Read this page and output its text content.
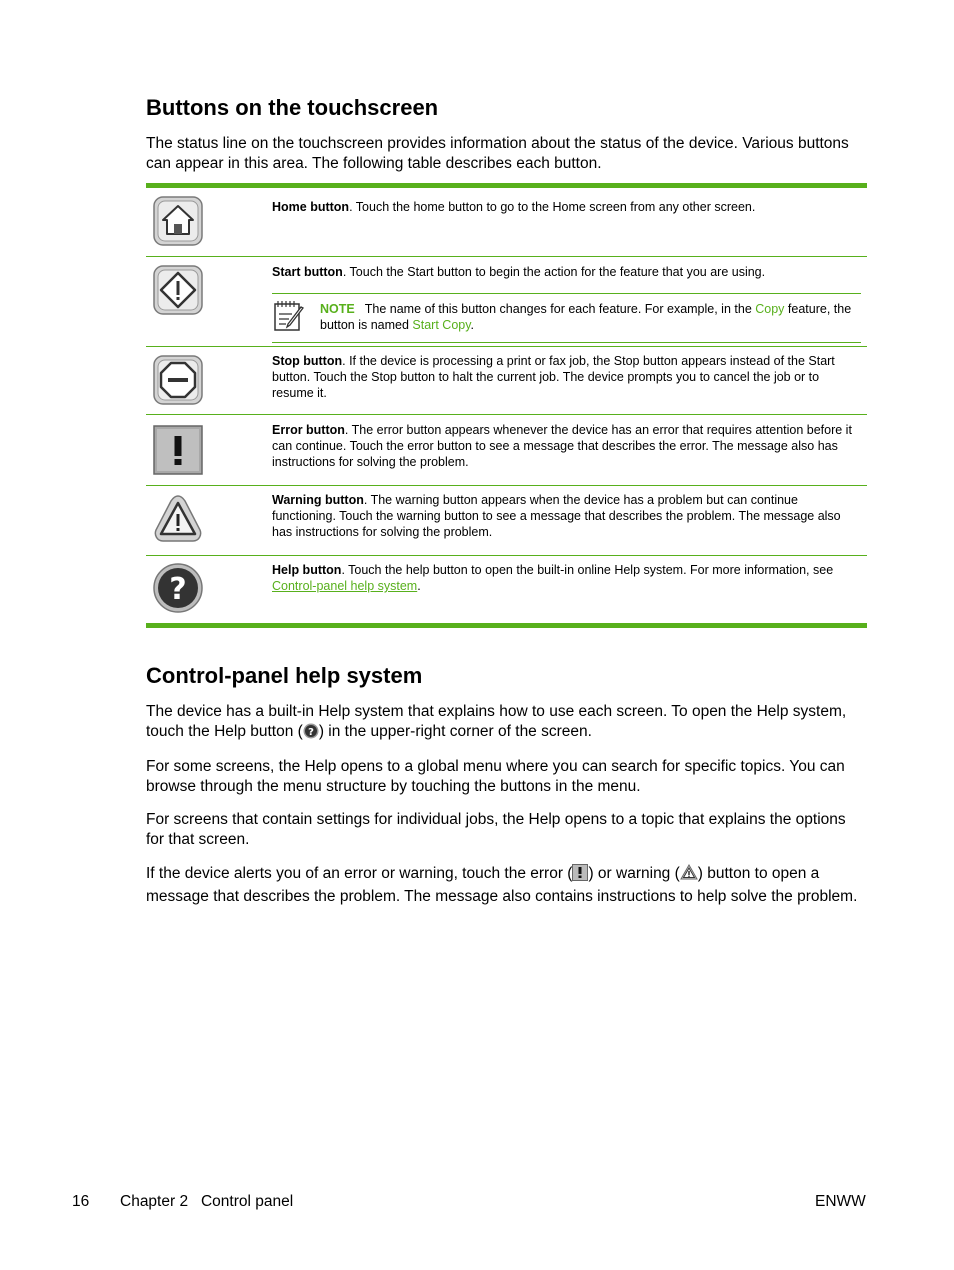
Buttons on the touchscreen

The status line on the touchscreen provides information about the status of the device. Various buttons can appear in this area. The following table describes each button.

Home button. Touch the home button to go to the Home screen from any other screen.
Start button. Touch the Start button to begin the action for the feature that you are using.
NOTE The name of this button changes for each feature. For example, in the Copy feature, the button is named Start Copy.
Stop button. If the device is processing a print or fax job, the Stop button appears instead of the Start button. Touch the Stop button to halt the current job. The device prompts you to cancel the job or to resume it.
Error button. The error button appears whenever the device has an error that requires attention before it can continue. Touch the error button to see a message that describes the error. The message also has instructions for solving the problem.
Warning button. The warning button appears when the device has a problem but can continue functioning. Touch the warning button to see a message that describes the problem. The message also has instructions for solving the problem.
?
Help button. Touch the help button to open the built-in online Help system. For more information, see Control-panel help system.
Control-panel help system

The device has a built-in Help system that explains how to use each screen. To open the Help system, touch the Help button ( ? ) in the upper-right corner of the screen.

For some screens, the Help opens to a global menu where you can search for specific topics. You can browse through the menu structure by touching the buttons in the menu.

For screens that contain settings for individual jobs, the Help opens to a topic that explains the options for that screen.

If the device alerts you of an error or warning, touch the error ( ) or warning ( ) button to open a message that describes the problem. The message also contains instructions to help solve the problem.

16 Chapter 2   Control panel	ENWW
